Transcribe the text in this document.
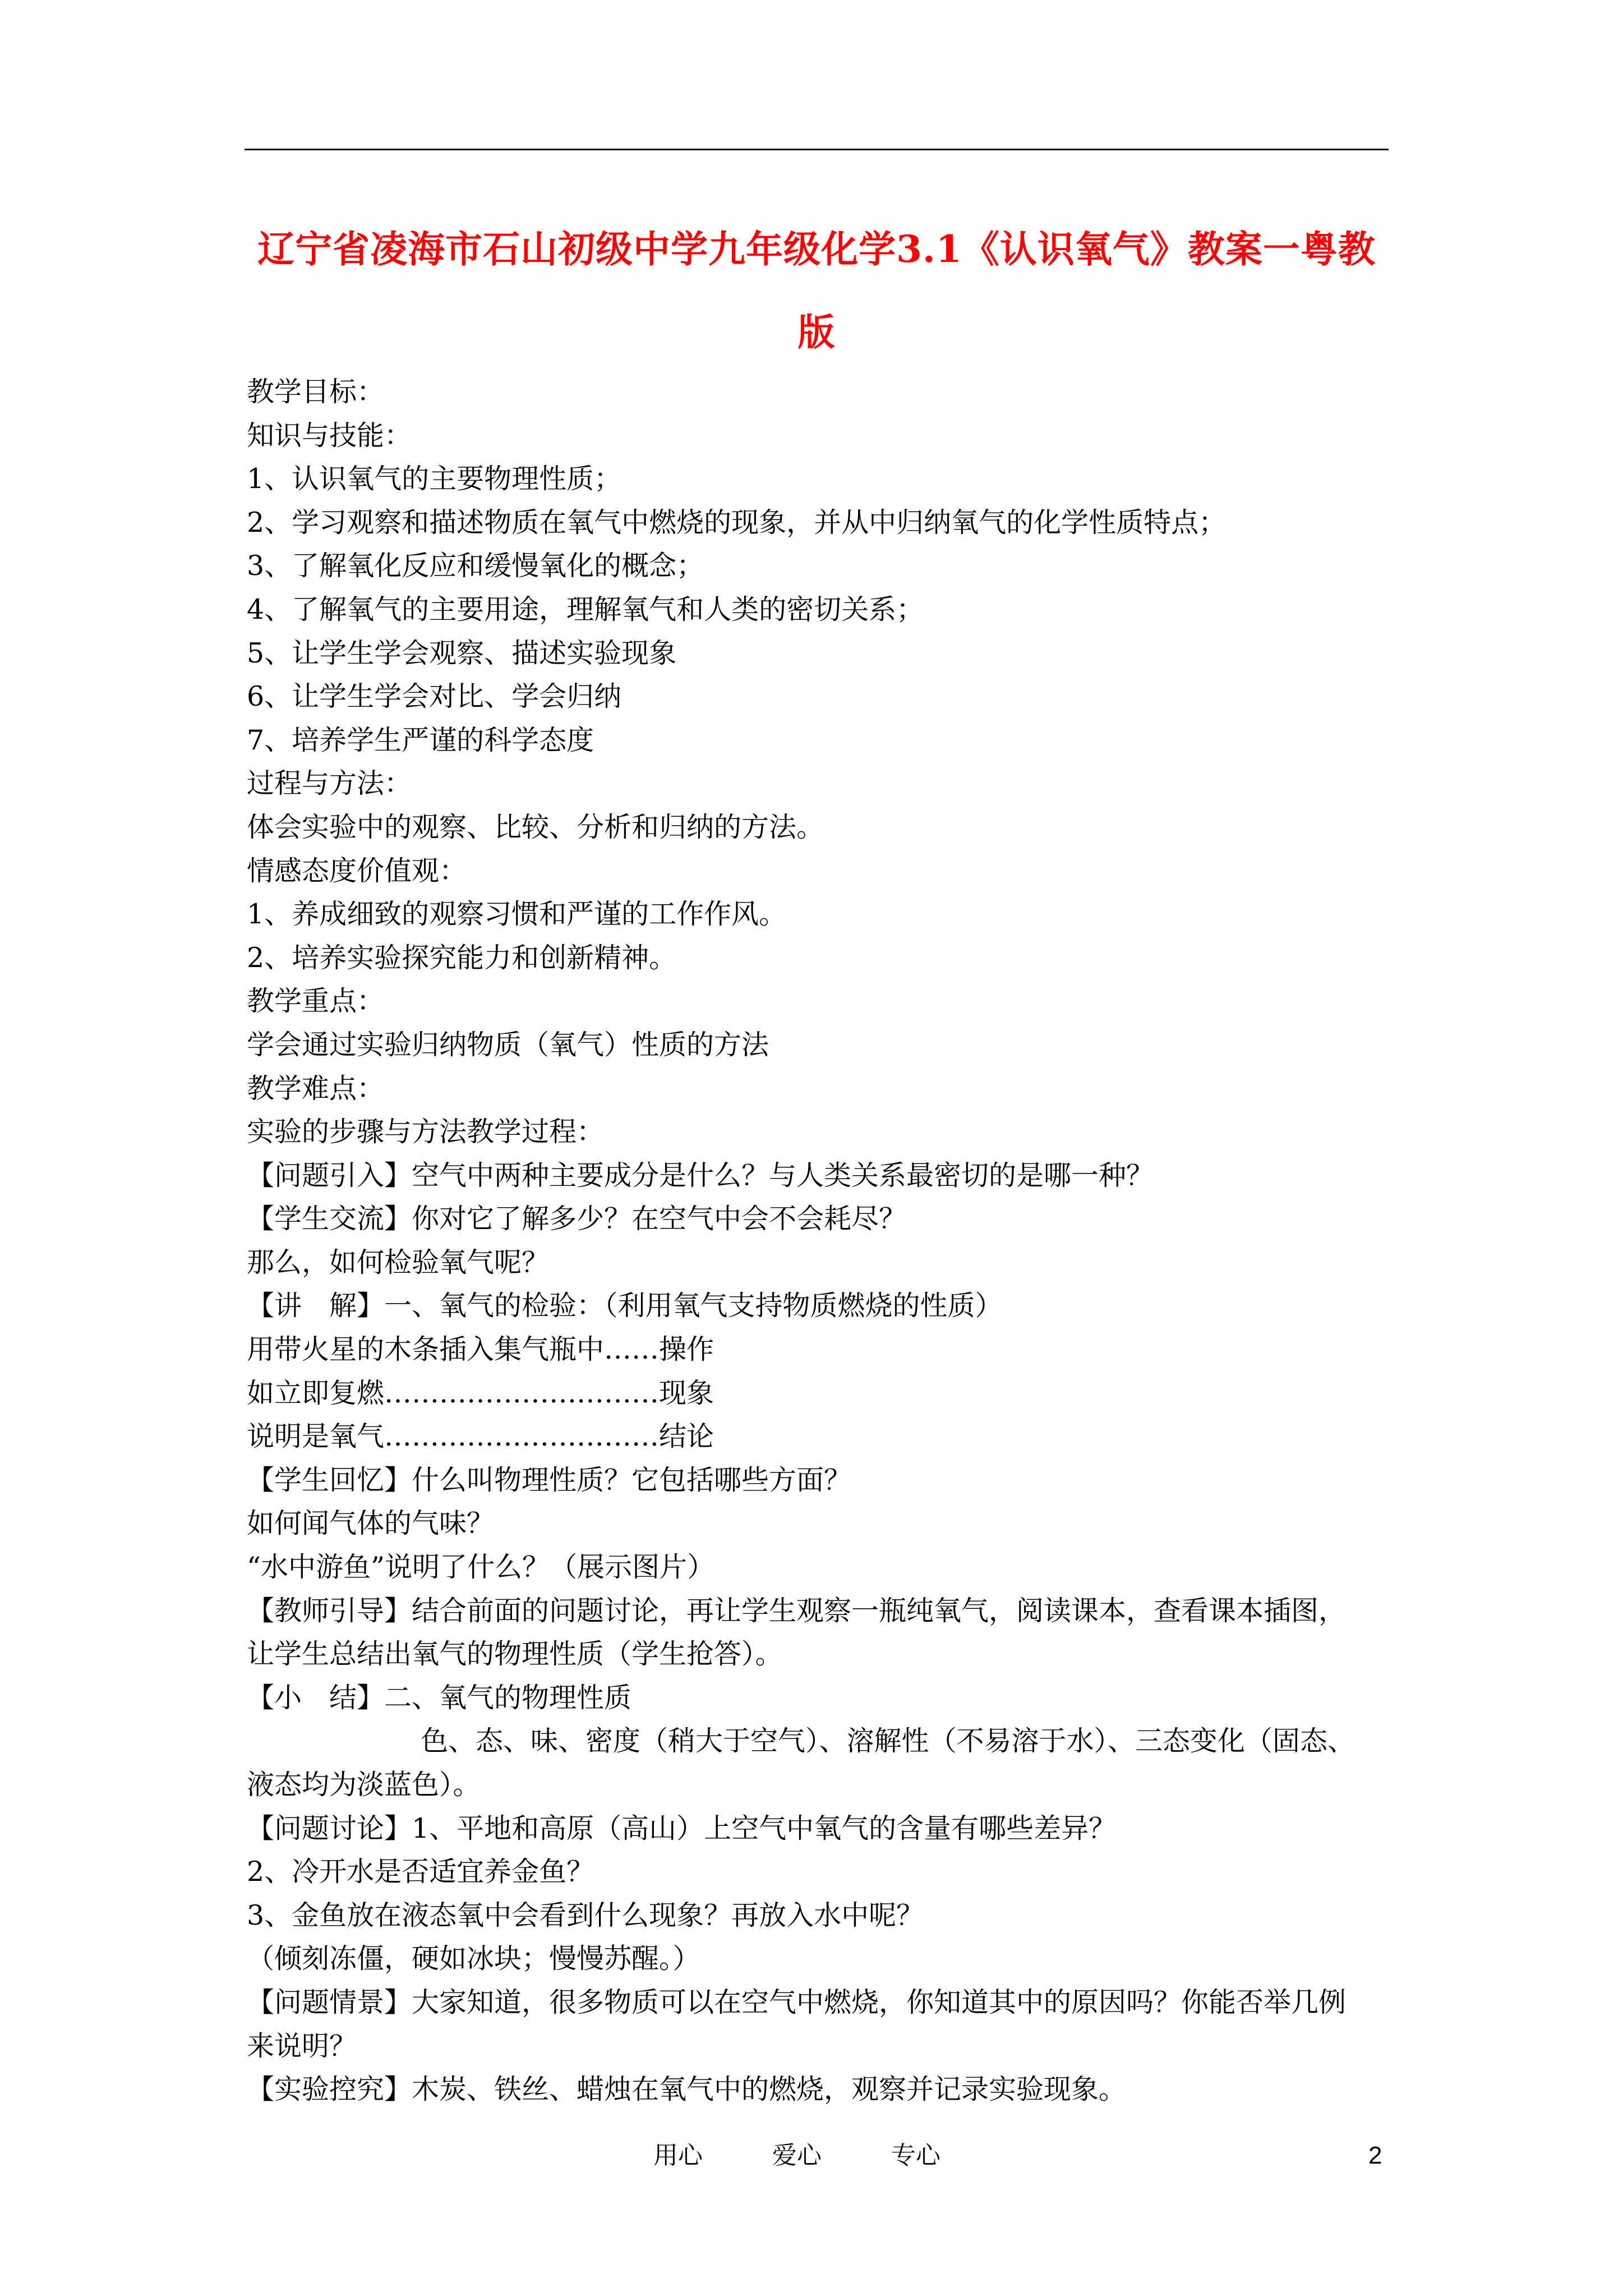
辽宁省凌海市石山初级中学九年级化学3.1《认识氧气》教案一粤教
版
教学目标：
知识与技能：
1、认识氧气的主要物理性质；
2、学习观察和描述物质在氧气中燃烧的现象，并从中归纳氧气的化学性质特点；
3、了解氧化反应和缓慢氧化的概念；
4、了解氧气的主要用途，理解氧气和人类的密切关系；
5、让学生学会观察、描述实验现象
6、让学生学会对比、学会归纳
7、培养学生严谨的科学态度
过程与方法：
体会实验中的观察、比较、分析和归纳的方法。
情感态度价值观：
1、养成细致的观察习惯和严谨的工作作风。
2、培养实验探究能力和创新精神。
教学重点：
学会通过实验归纳物质（氧气）性质的方法
教学难点：
实验的步骤与方法教学过程：
【问题引入】空气中两种主要成分是什么？与人类关系最密切的是哪一种？
【学生交流】你对它了解多少？在空气中会不会耗尽？
那么，如何检验氧气呢？
【讲　解】一、氧气的检验：（利用氧气支持物质燃烧的性质）
用带火星的木条插入集气瓶中……操作
如立即复燃…………………………现象
说明是氧气…………………………结论
【学生回忆】什么叫物理性质？它包括哪些方面？
如何闻气体的气味？
“水中游鱼”说明了什么？（展示图片）
【教师引导】结合前面的问题讨论，再让学生观察一瓶纯氧气，阅读课本，查看课本插图，
让学生总结出氧气的物理性质（学生抢答）。
【小　结】二、氧气的物理性质
色、态、味、密度（稍大于空气）、溶解性（不易溶于水）、三态变化（固态、
液态均为淡蓝色）。
【问题讨论】1、平地和高原（高山）上空气中氧气的含量有哪些差异？
2、冷开水是否适宜养金鱼？
3、金鱼放在液态氧中会看到什么现象？再放入水中呢？
（倾刻冻僵，硬如冰块；慢慢苏醒。）
【问题情景】大家知道，很多物质可以在空气中燃烧，你知道其中的原因吗？你能否举几例
来说明？
【实验控究】木炭、铁丝、蜡烛在氧气中的燃烧，观察并记录实验现象。
用心	爱心	专心	2
